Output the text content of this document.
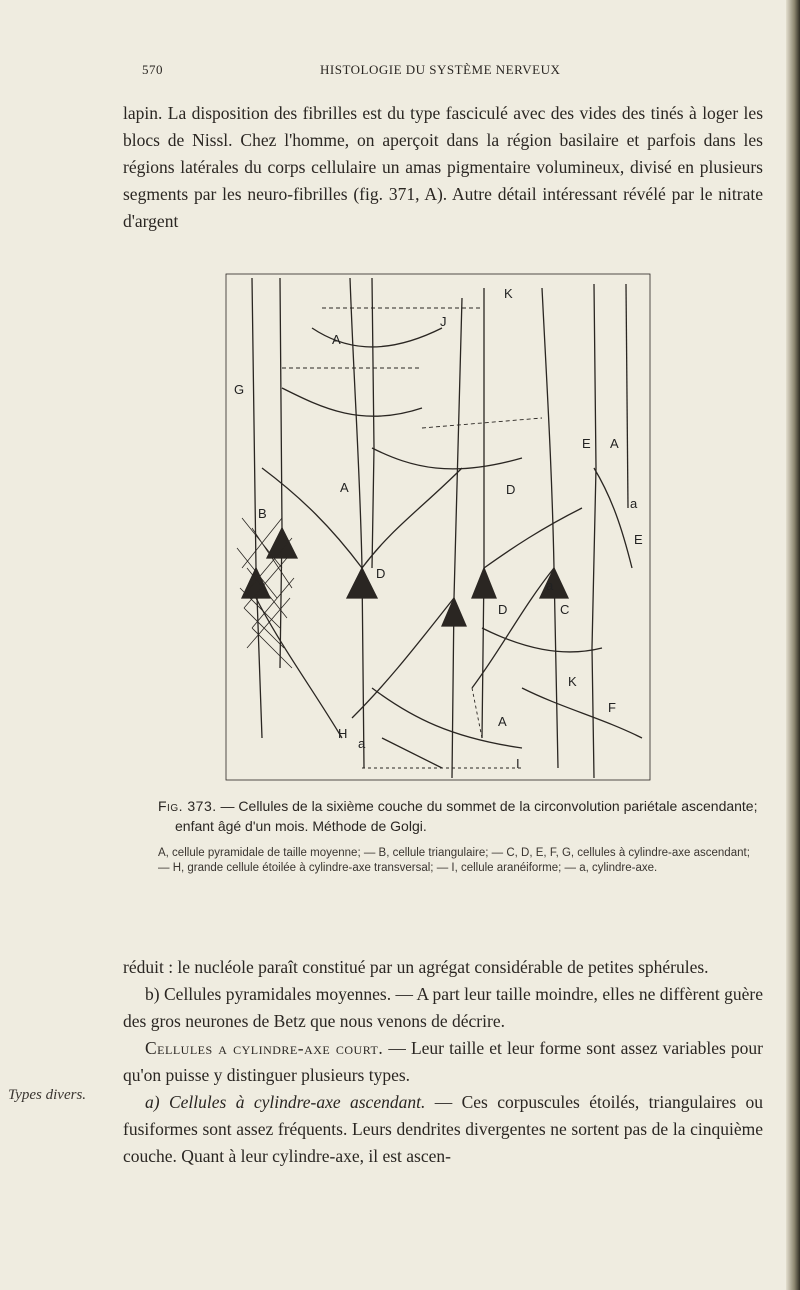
570	HISTOLOGIE DU SYSTÈME NERVEUX

lapin. La disposition des fibrilles est du type fasciculé avec des vides des tinés à loger les blocs de Nissl. Chez l'homme, on aperçoit dans la région basilaire et parfois dans les régions latérales du corps cellulaire un amas pigmentaire volumineux, divisé en plusieurs segments par les neuro-fibrilles (fig. 371, A). Autre détail intéressant révélé par le nitrate d'argent

K
J
A
G
A
B
E A
D
a
E
D
a
C
D
K
A
F
H
a
I
Fig. 373. — Cellules de la sixième couche du sommet de la circonvolution pariétale ascendante; enfant âgé d'un mois. Méthode de Golgi.
A, cellule pyramidale de taille moyenne; — B, cellule triangulaire; — C, D, E, F, G, cellules à cylindre-axe ascendant; — H, grande cellule étoilée à cylindre-axe transversal; — I, cellule aranéiforme; — a, cylindre-axe.

réduit : le nucléole paraît constitué par un agrégat considérable de petites sphérules.

b) Cellules pyramidales moyennes. — A part leur taille moindre, elles ne diffèrent guère des gros neurones de Betz que nous venons de décrire.

Cellules a cylindre-axe court. — Leur taille et leur forme sont assez variables pour qu'on puisse y distinguer plusieurs types.

a) Cellules à cylindre-axe ascendant. — Ces corpuscules étoilés, triangulaires ou fusiformes sont assez fréquents. Leurs dendrites divergentes ne sortent pas de la cinquième couche. Quant à leur cylindre-axe, il est ascen-

Types divers.
